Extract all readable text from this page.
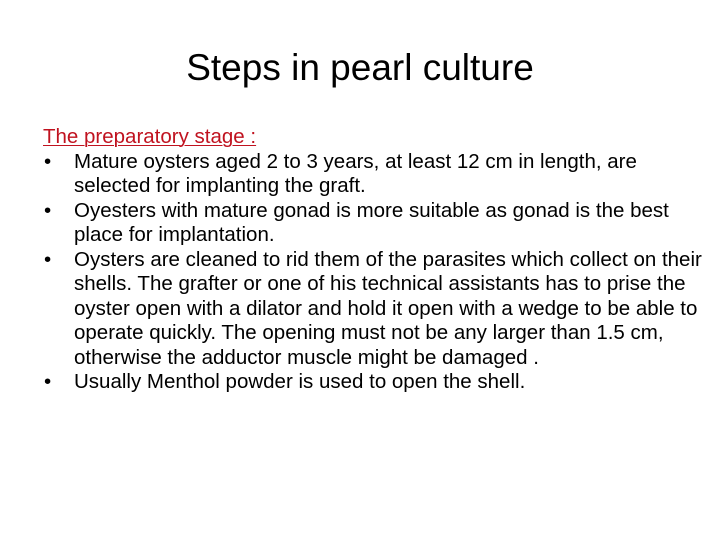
Steps in pearl culture
The preparatory stage :
• Mature oysters aged 2 to 3 years, at least 12 cm in length, are selected for implanting the graft.
• Oyesters with mature gonad is more suitable as gonad is the best place for implantation.
• Oysters are cleaned to rid them of the parasites which collect on their shells. The grafter or one of his technical assistants has to prise the oyster open with a dilator and hold it open with a wedge to be able to operate quickly. The opening must not be any larger than 1.5 cm, otherwise the adductor muscle might be damaged .
• Usually Menthol powder is used to open the shell.
